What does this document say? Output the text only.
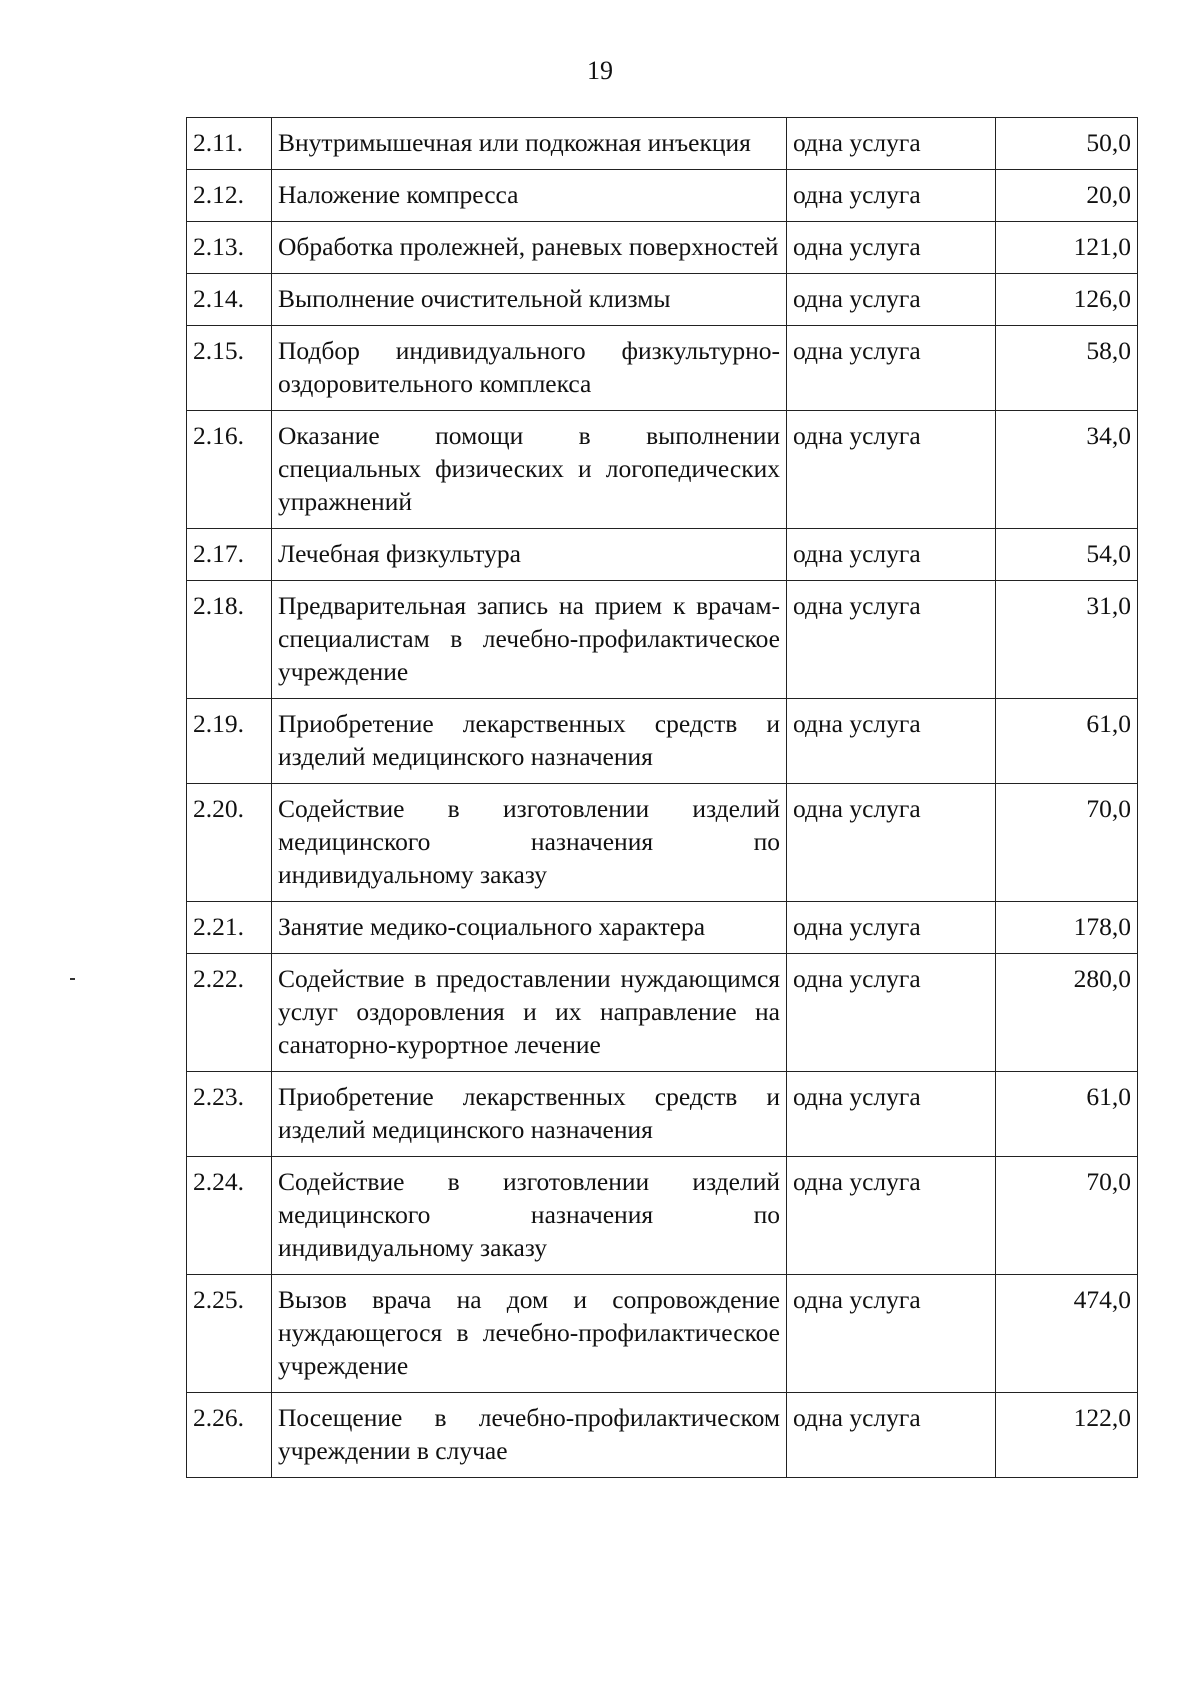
19
2.11.	Внутримышечная или подкожная инъекция	одна услуга	50,0
2.12.	Наложение компресса	одна услуга	20,0
2.13.	Обработка пролежней, раневых поверхностей	одна услуга	121,0
2.14.	Выполнение очистительной клизмы	одна услуга	126,0
2.15.	Подбор индивидуального физкультурно-оздоровительного комплекса	одна услуга	58,0
2.16.	Оказание помощи в выполнении специальных физических и логопедических упражнений	одна услуга	34,0
2.17.	Лечебная физкультура	одна услуга	54,0
2.18.	Предварительная запись на прием к врачам-специалистам в лечебно-профилактическое учреждение	одна услуга	31,0
2.19.	Приобретение лекарственных средств и изделий медицинского назначения	одна услуга	61,0
2.20.	Содействие в изготовлении изделий медицинского назначения по индивидуальному заказу	одна услуга	70,0
2.21.	Занятие медико-социального характера	одна услуга	178,0
2.22.	Содействие в предоставлении нуждающимся услуг оздоровления и их направление на санаторно-курортное лечение	одна услуга	280,0
2.23.	Приобретение лекарственных средств и изделий медицинского назначения	одна услуга	61,0
2.24.	Содействие в изготовлении изделий медицинского назначения по индивидуальному заказу	одна услуга	70,0
2.25.	Вызов врача на дом и сопровождение нуждающегося в лечебно-профилактическое учреждение	одна услуга	474,0
2.26.	Посещение в лечебно-профилактическом учреждении в случае	одна услуга	122,0
